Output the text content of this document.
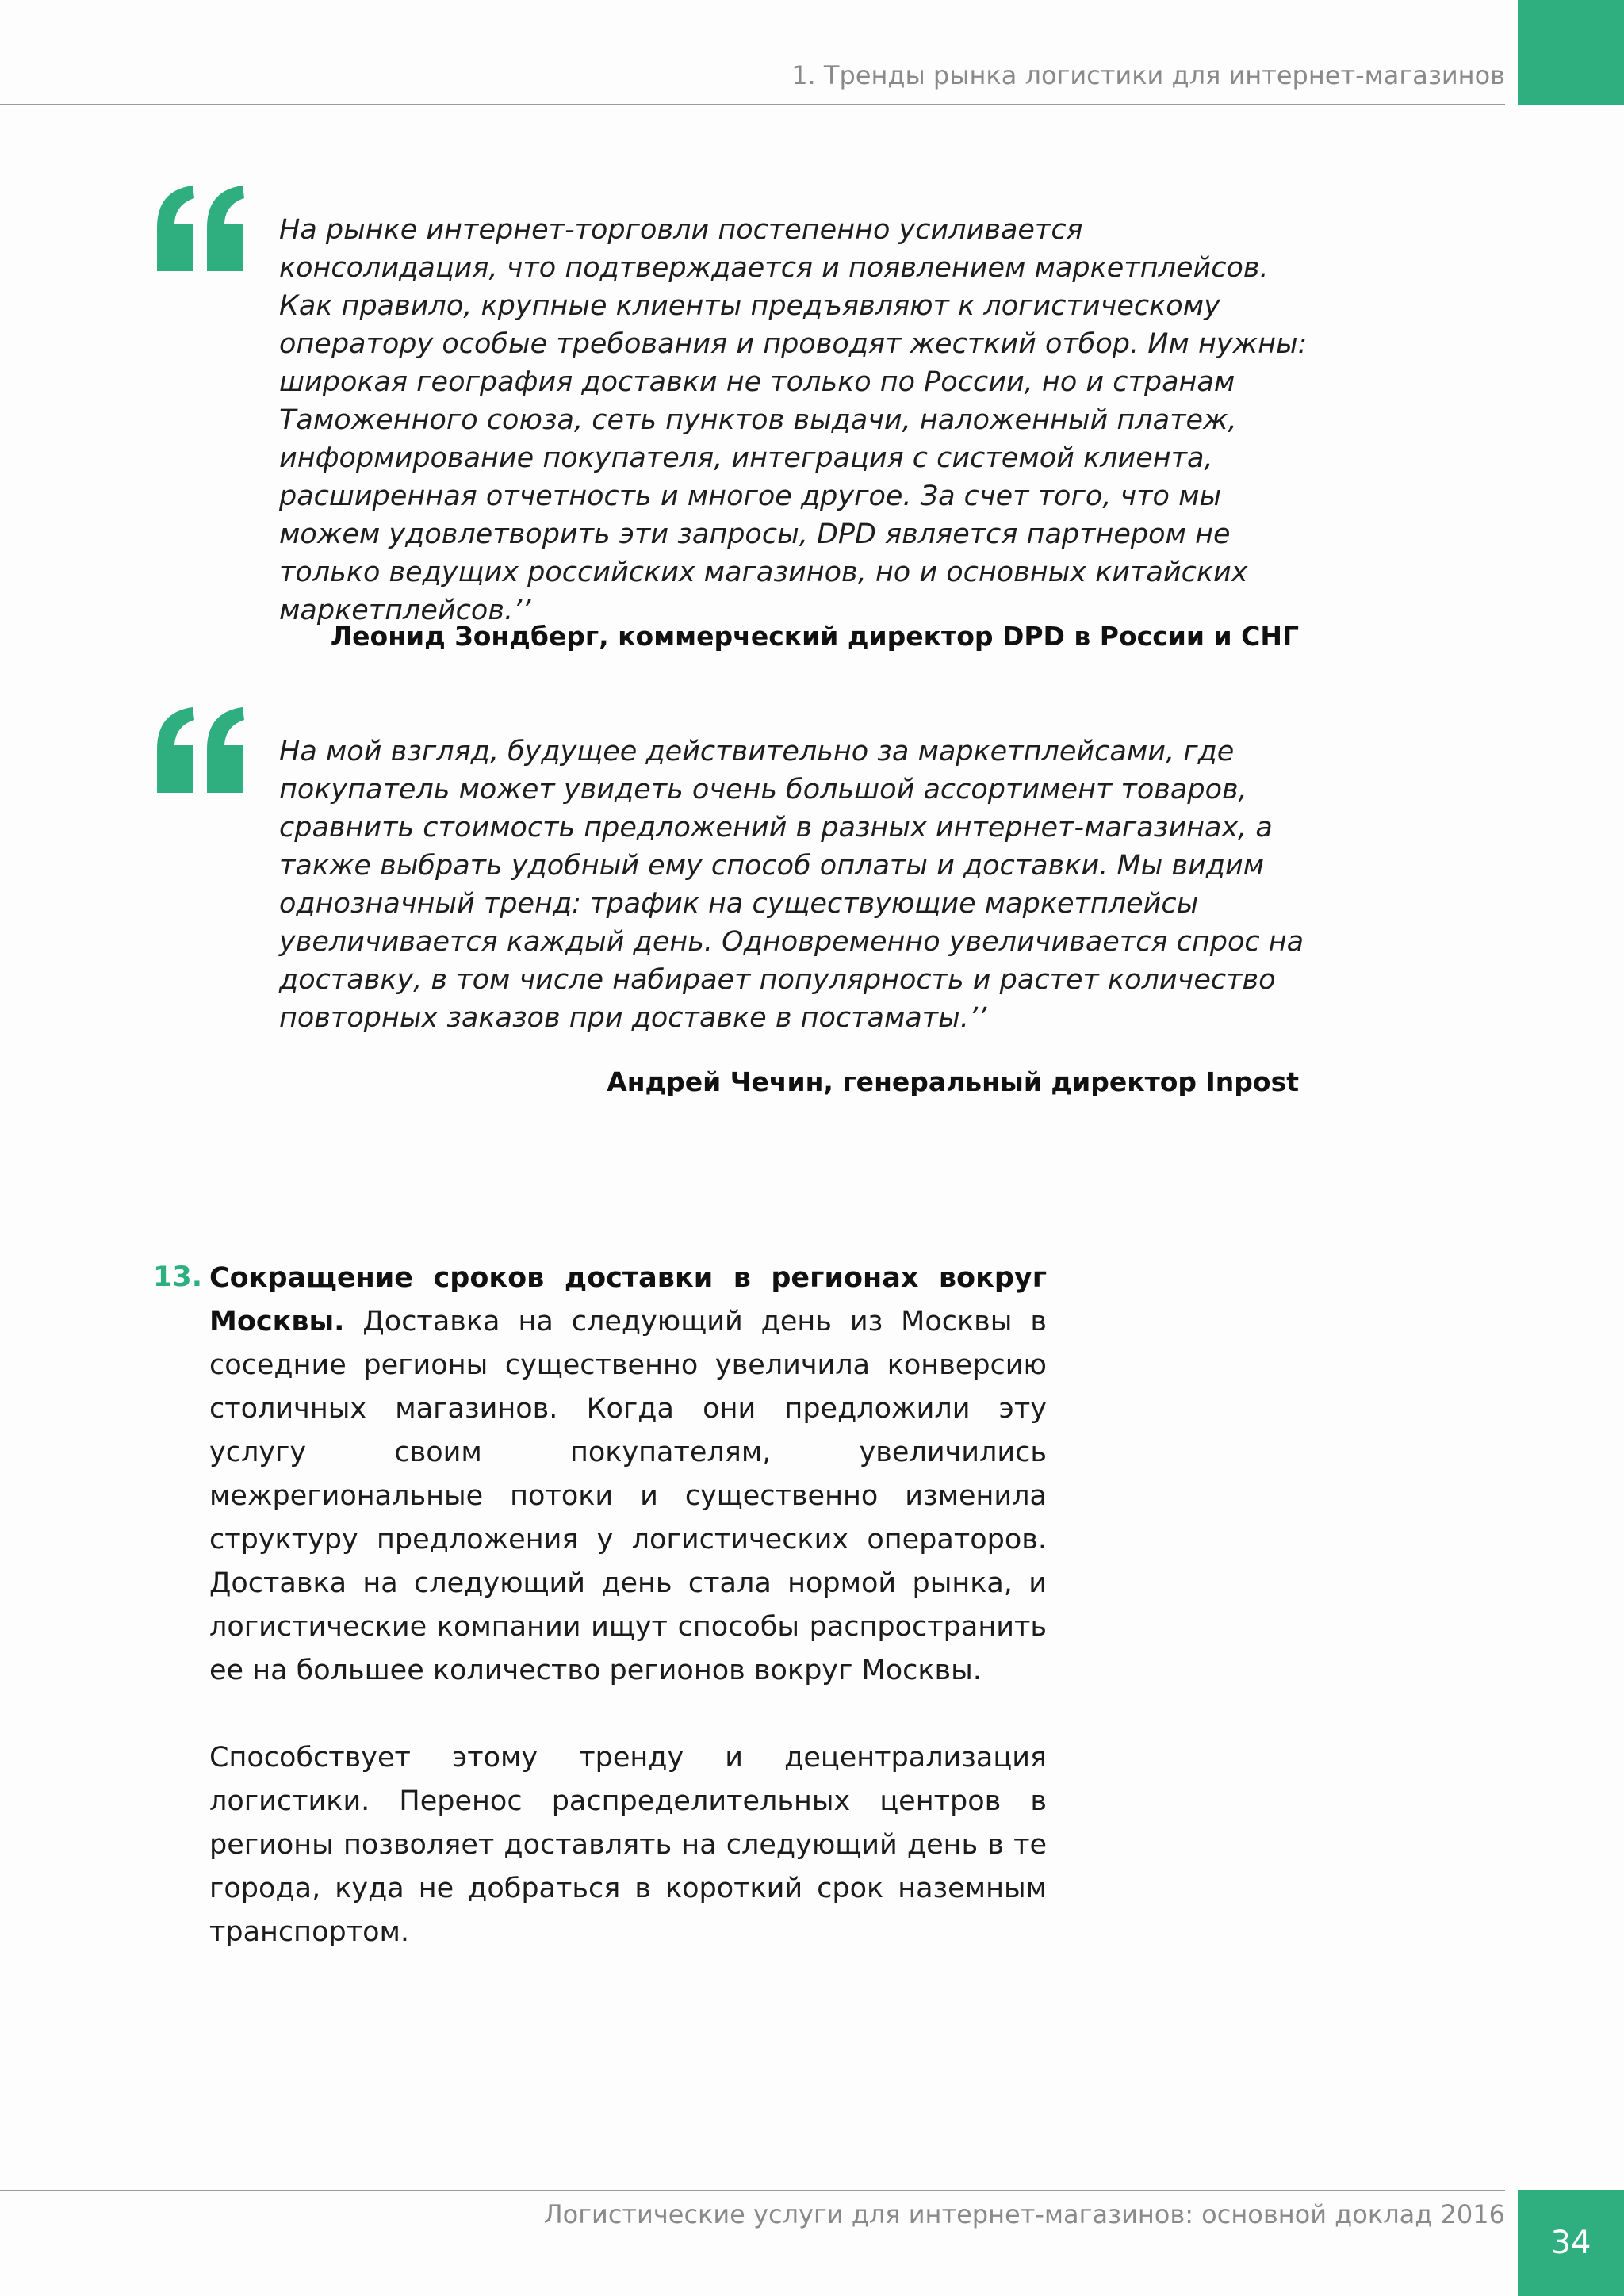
1. Тренды рынка логистики для интернет-магазинов

На рынке интернет-торговли постепенно усиливается консолидация, что подтверждается и появлением маркетплейсов. Как правило, крупные клиенты предъявляют к логистическому оператору особые требования и проводят жесткий отбор. Им нужны: широкая география доставки не только по России, но и странам Таможенного союза, сеть пунктов выдачи, наложенный платеж, информирование покупателя, интеграция с системой клиента, расширенная отчетность и многое другое. За счет того, что мы можем удовлетворить эти запросы, DPD является партнером не только ведущих российских магазинов, но и основных китайских маркетплейсов.’’

Леонид Зондберг, коммерческий директор DPD в России и СНГ

На мой взгляд, будущее действительно за маркетплейсами, где покупатель может увидеть очень большой ассортимент товаров, сравнить стоимость предложений в разных интернет-магазинах, а также выбрать удобный ему способ оплаты и доставки. Мы видим однозначный тренд: трафик на существующие маркетплейсы увеличивается каждый день. Одновременно увеличивается спрос на доставку, в том числе набирает популярность и растет количество повторных заказов при доставке в постаматы.’’

Андрей Чечин, генеральный директор Inpost
13. Сокращение сроков доставки в регионах вокруг Москвы. Доставка на следующий день из Москвы в соседние регионы существенно увеличила конверсию столичных магазинов. Когда они предложили эту услугу своим покупателям, увеличились межрегиональные потоки и существенно изменила структуру предложения у логистических операторов. Доставка на следующий день стала нормой рынка, и логистические компании ищут способы распространить ее на большее количество регионов вокруг Москвы.

Способствует этому тренду и децентрализация логистики. Перенос распределительных центров в регионы позволяет доставлять на следующий день в те города, куда не добраться в короткий срок наземным транспортом.

Логистические услуги для интернет-магазинов: основной доклад 2016
34
